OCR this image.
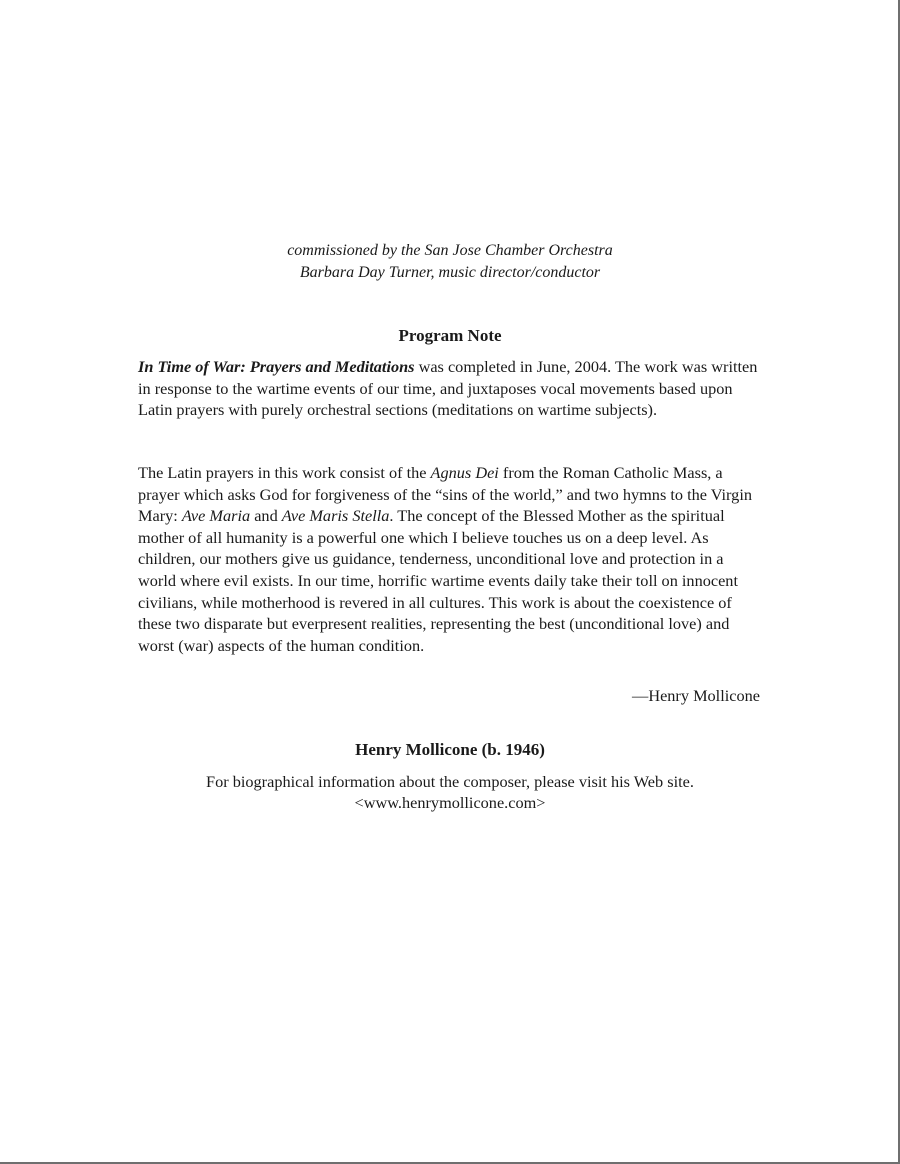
commissioned by the San Jose Chamber Orchestra
Barbara Day Turner, music director/conductor
Program Note

In Time of War: Prayers and Meditations was completed in June, 2004. The work was written in response to the wartime events of our time, and juxtaposes vocal movements based upon Latin prayers with purely orchestral sections (meditations on wartime subjects).

The Latin prayers in this work consist of the Agnus Dei from the Roman Catholic Mass, a prayer which asks God for forgiveness of the “sins of the world,” and two hymns to the Virgin Mary: Ave Maria and Ave Maris Stella. The concept of the Blessed Mother as the spiritual mother of all humanity is a powerful one which I believe touches us on a deep level. As children, our mothers give us guidance, tenderness, unconditional love and protection in a world where evil exists. In our time, horrific wartime events daily take their toll on innocent civilians, while motherhood is revered in all cultures. This work is about the coexistence of these two disparate but everpresent realities, representing the best (unconditional love) and worst (war) aspects of the human condition.

—Henry Mollicone
Henry Mollicone (b. 1946)
For biographical information about the composer, please visit his Web site.
<www.henrymollicone.com>
